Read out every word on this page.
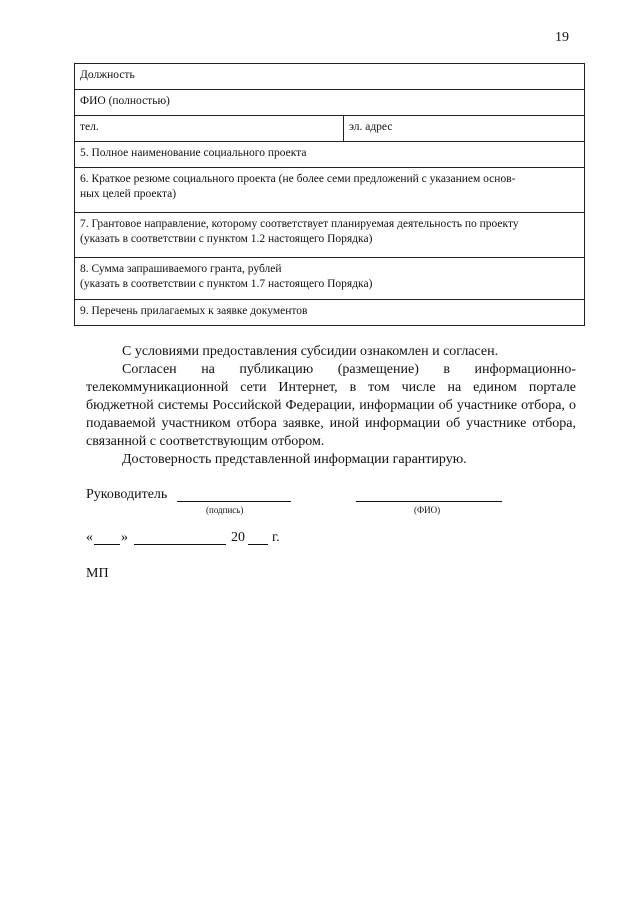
19
Должность
ФИО (полностью)
тел.	эл. адрес
5. Полное наименование социального проекта

6. Краткое резюме социального проекта (не более семи предложений с указанием основ-
ных целей проекта)

7. Грантовое направление, которому соответствует планируемая деятельность по проекту
(указать в соответствии с пунктом 1.2 настоящего Порядка)

8. Сумма запрашиваемого гранта, рублей
(указать в соответствии с пунктом 1.7 настоящего Порядка)

9. Перечень прилагаемых к заявке документов

С условиями предоставления субсидии ознакомлен и согласен.

Согласен на публикацию (размещение) в информационно-

телекоммуникационной сети Интернет, в том числе на едином портале бюджетной системы Российской Федерации, информации об участнике отбора, о подаваемой участником отбора заявке, иной информации об участнике отбора, связанной с соответствующим отбором.

Достоверность представленной информации гарантирую.

Руководитель
(подпись)	(ФИО)
« »	20 г.
МП
